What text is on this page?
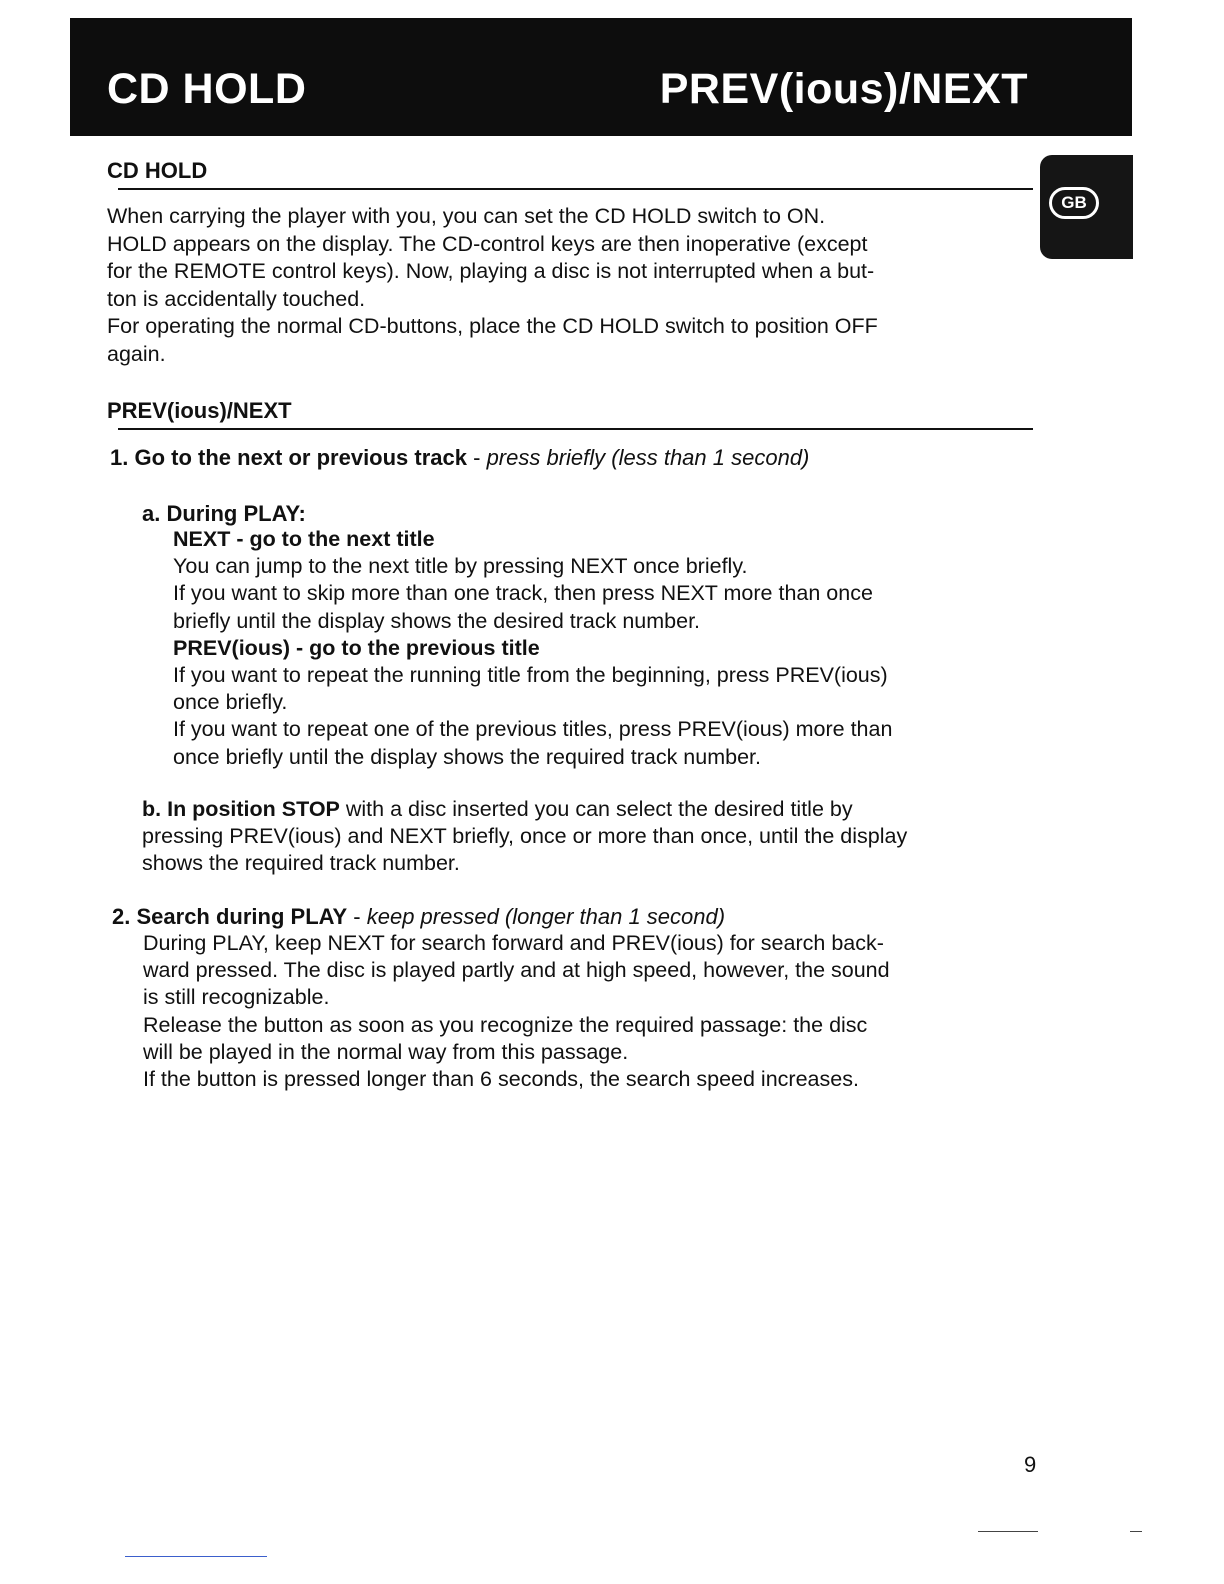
CD HOLD	PREV(ious)/NEXT
GB
CD HOLD
When carrying the player with you, you can set the CD HOLD switch to ON.
HOLD appears on the display. The CD-control keys are then inoperative (except
for the REMOTE control keys). Now, playing a disc is not interrupted when a but-
ton is accidentally touched.
For operating the normal CD-buttons, place the CD HOLD switch to position OFF
again.
PREV(ious)/NEXT
1. Go to the next or previous track - press briefly (less than 1 second)
a. During PLAY:
NEXT - go to the next title
You can jump to the next title by pressing NEXT once briefly.
If you want to skip more than one track, then press NEXT more than once
briefly until the display shows the desired track number.
PREV(ious) - go to the previous title
If you want to repeat the running title from the beginning, press PREV(ious)
once briefly.
If you want to repeat one of the previous titles, press PREV(ious) more than
once briefly until the display shows the required track number.
b. In position STOP with a disc inserted you can select the desired title by
pressing PREV(ious) and NEXT briefly, once or more than once, until the display
shows the required track number.
2. Search during PLAY - keep pressed (longer than 1 second)
During PLAY, keep NEXT for search forward and PREV(ious) for search back-
ward pressed. The disc is played partly and at high speed, however, the sound
is still recognizable.
Release the button as soon as you recognize the required passage: the disc
will be played in the normal way from this passage.
If the button is pressed longer than 6 seconds, the search speed increases.
9
